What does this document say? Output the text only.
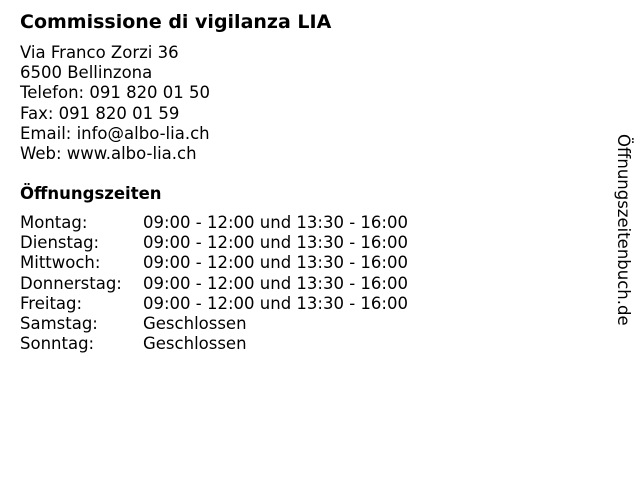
Commissione di vigilanza LIA
Via Franco Zorzi 36
6500 Bellinzona
Telefon: 091 820 01 50
Fax: 091 820 01 59
Email: info@albo-lia.ch
Web: www.albo-lia.ch
Öffnungszeiten
Montag:	09:00 - 12:00 und 13:30 - 16:00
Dienstag:	09:00 - 12:00 und 13:30 - 16:00
Mittwoch:	09:00 - 12:00 und 13:30 - 16:00
Donnerstag: 09:00 - 12:00 und 13:30 - 16:00
Freitag:	09:00 - 12:00 und 13:30 - 16:00
Samstag:	Geschlossen
Sonntag:	Geschlossen
Öffnungszeitenbuch.de
